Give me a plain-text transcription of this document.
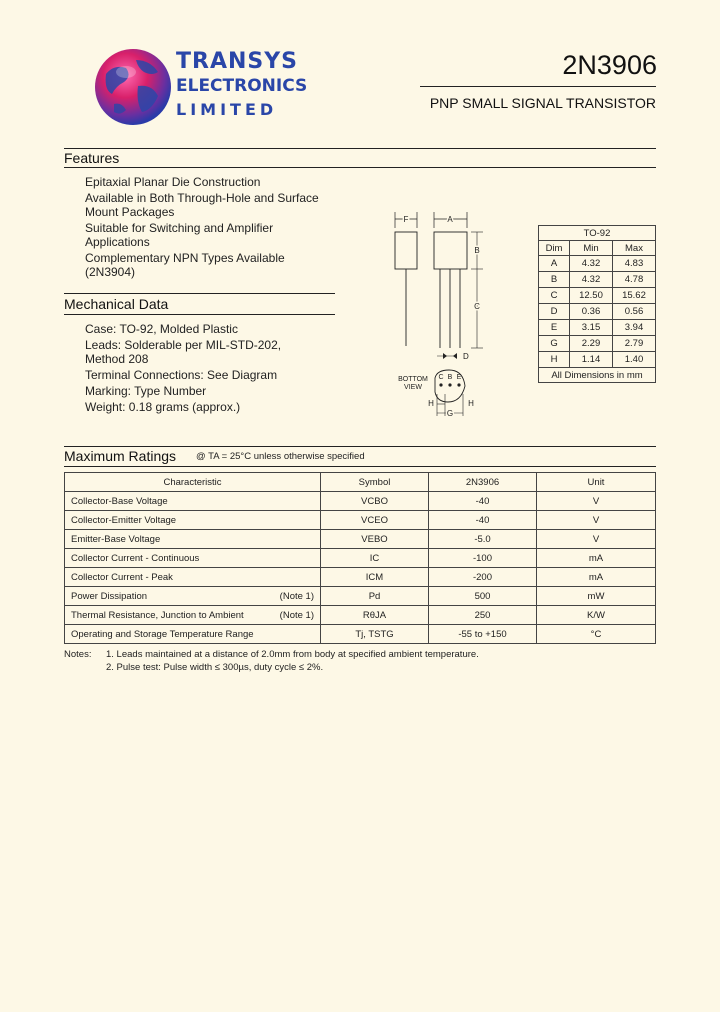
TRANSYS
ELECTRONICS
LIMITED
2N3906
PNP SMALL SIGNAL TRANSISTOR
Features
Epitaxial Planar Die Construction
Available in Both Through-Hole and Surface
Mount Packages
Suitable for Switching and Amplifier
Applications
Complementary NPN Types Available
(2N3904)
Mechanical Data
Case: TO-92, Molded Plastic
Leads: Solderable per MIL-STD-202,
Method 208
Terminal Connections: See Diagram
Marking: Type Number
Weight: 0.18 grams (approx.)
F	A
B
C
D
BOTTOM
VIEW
C B E
H	H
G
TO-92		
Dim	Min	Max
A	4.32	4.83
B	4.32	4.78
C	12.50	15.62
D	0.36	0.56
E	3.15	3.94
G	2.29	2.79
H	1.14	1.40
All Dimensions in mm		
Maximum Ratings @ TA = 25°C unless otherwise specified
Characteristic	Symbol	2N3906	Unit
Collector-Base Voltage	VCBO	-40	V
Collector-Emitter Voltage	VCEO	-40	V
Emitter-Base Voltage	VEBO	-5.0	V
Collector Current - Continuous	IC	-100	mA
Collector Current - Peak	ICM	-200	mA
Power Dissipation (Note 1)	Pd	500	mW
Thermal Resistance, Junction to Ambient (Note 1)	RθJA	250	K/W
Operating and Storage Temperature Range	Tj, TSTG	-55 to +150	°C
Notes: 1. Leads maintained at a distance of 2.0mm from body at specified ambient temperature.
2. Pulse test: Pulse width ≤ 300µs, duty cycle ≤ 2%.
